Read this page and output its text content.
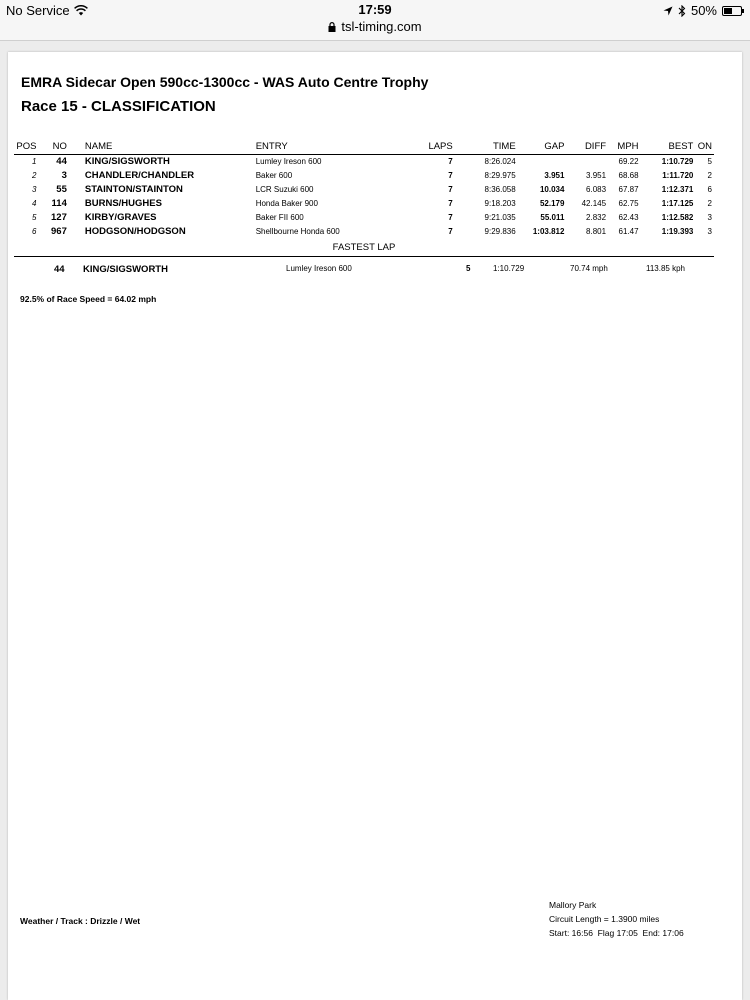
No Service	17:59
tsl-timing.com
50%
EMRA Sidecar Open 590cc-1300cc - WAS Auto Centre Trophy
Race 15 - CLASSIFICATION
POS	NO	NAME	ENTRY	LAPS	TIME	GAP	DIFF	MPH	BEST	ON
1	44	KING/SIGSWORTH	Lumley Ireson 600	7	8:26.024			69.22	1:10.729	5
2	3	CHANDLER/CHANDLER	Baker 600	7	8:29.975	3.951	3.951	68.68	1:11.720	2
3	55	STAINTON/STAINTON	LCR Suzuki 600	7	8:36.058	10.034	6.083	67.87	1:12.371	6
4	114	BURNS/HUGHES	Honda Baker 900	7	9:18.203	52.179	42.145	62.75	1:17.125	2
5	127	KIRBY/GRAVES	Baker FII 600	7	9:21.035	55.011	2.832	62.43	1:12.582	3
6	967	HODGSON/HODGSON	Shellbourne Honda 600	7	9:29.836	1:03.812	8.801	61.47	1:19.393	3
FASTEST LAP
44 KING/SIGSWORTH	Lumley Ireson 600	5	1:10.729	70.74 mph	113.85 kph
92.5% of Race Speed = 64.02 mph
Weather / Track : Drizzle / Wet
Mallory Park
Circuit Length = 1.3900 miles
Start: 16:56  Flag 17:05  End: 17:06
